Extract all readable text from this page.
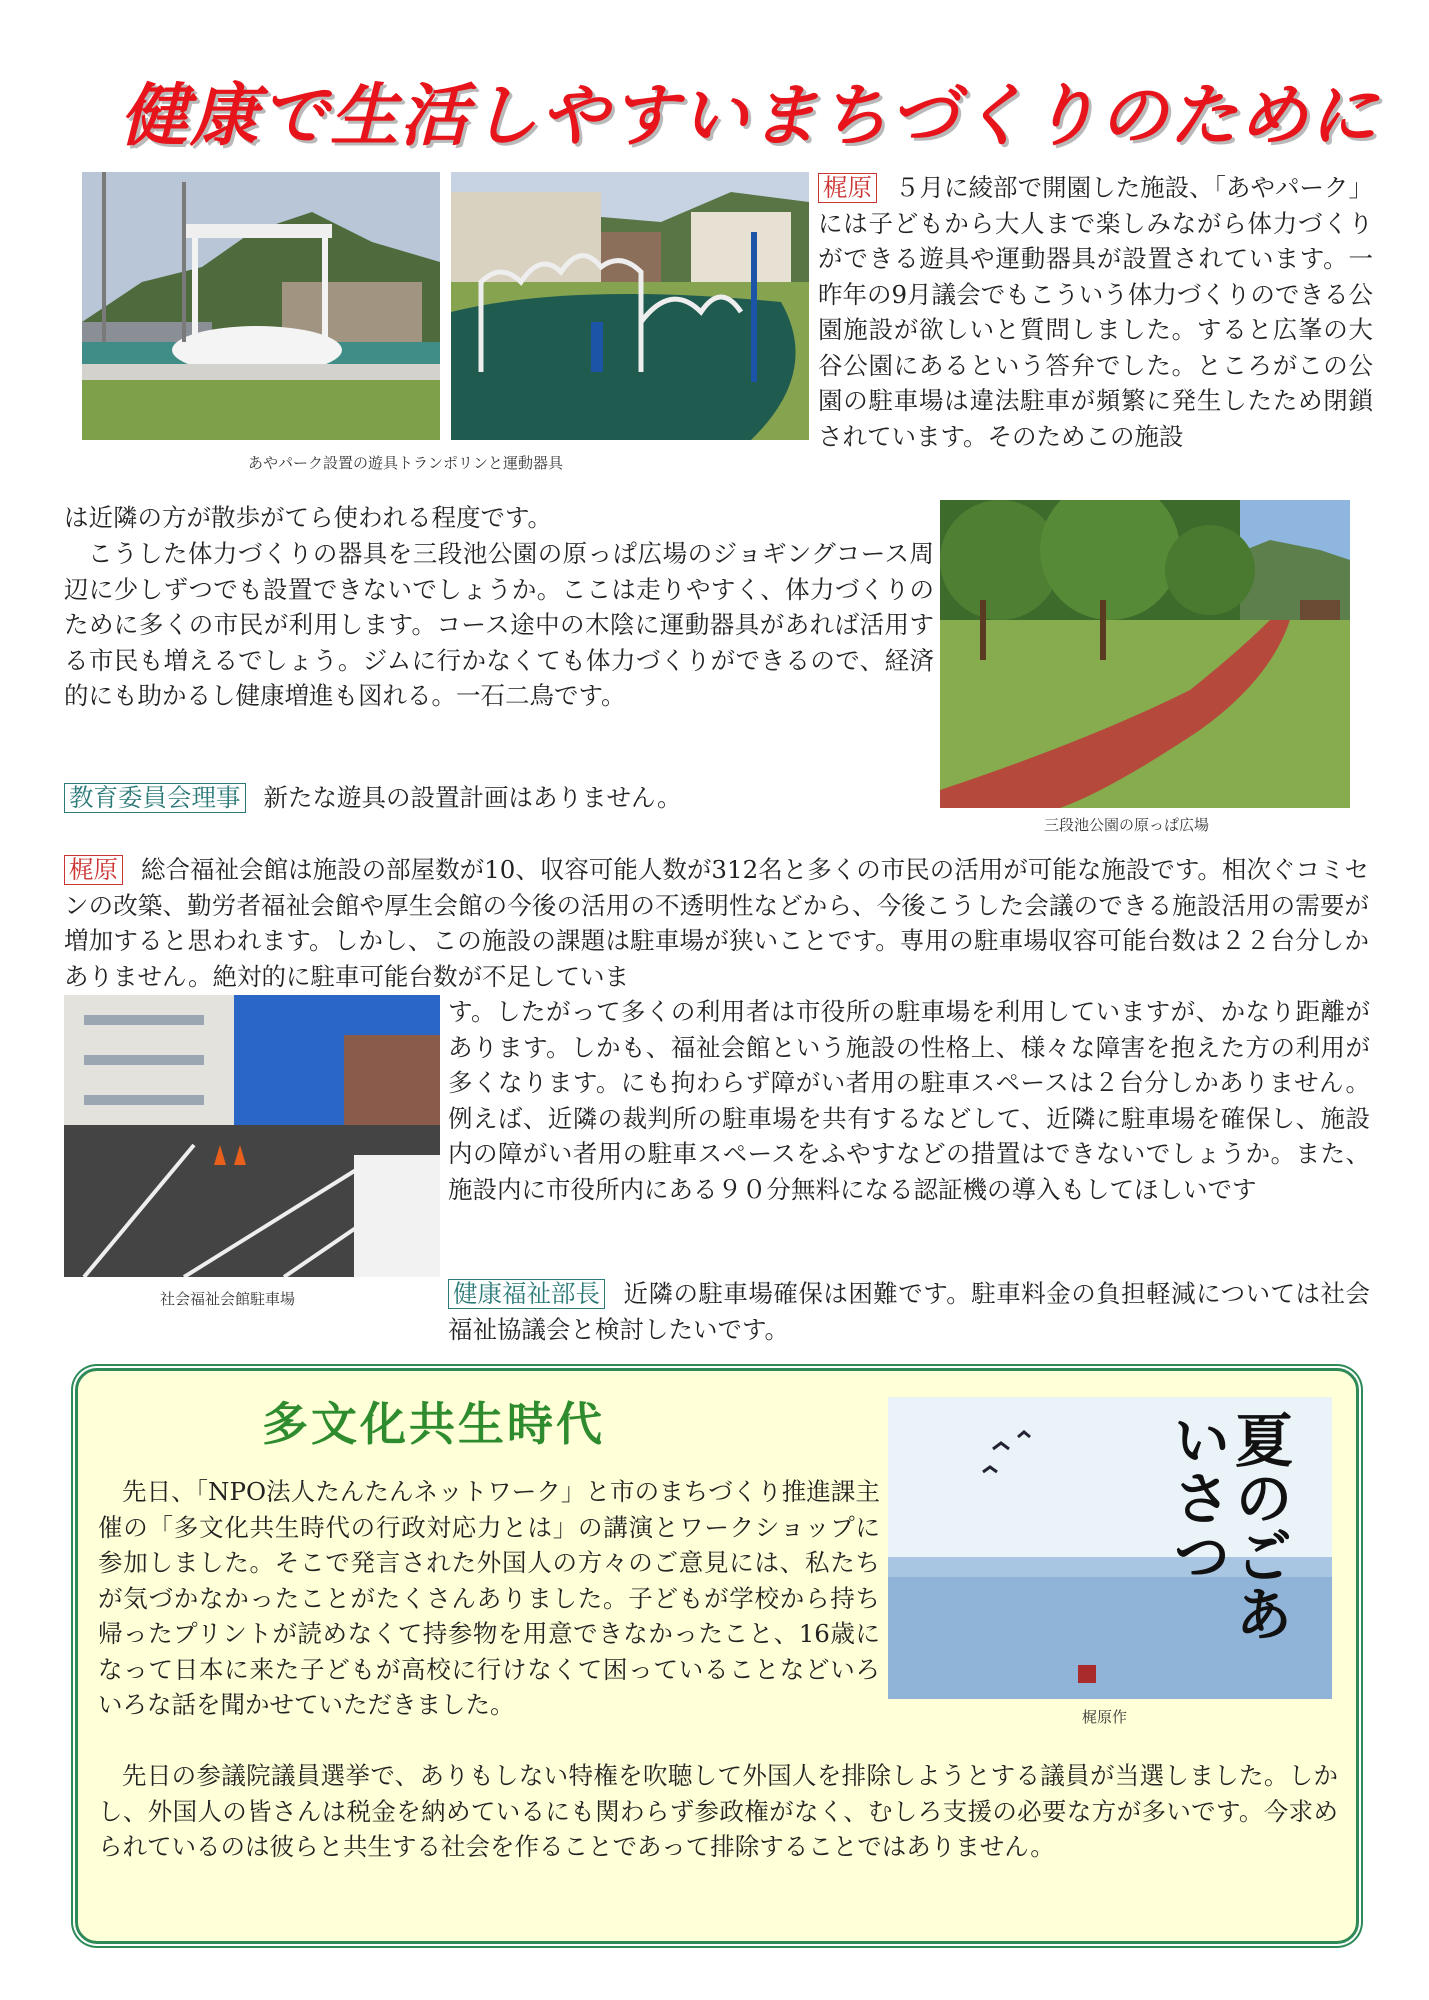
健康で生活しやすいまちづくりのために
あやパーク設置の遊具トランポリンと運動器具
梶原 ５月に綾部で開園した施設、「あやパーク」には子どもから大人まで楽しみながら体力づくりができる遊具や運動器具が設置されています。一昨年の9月議会でもこういう体力づくりのできる公園施設が欲しいと質問しました。すると広峯の大谷公園にあるという答弁でした。ところがこの公園の駐車場は違法駐車が頻繁に発生したため閉鎖されています。そのためこの施設
は近隣の方が散歩がてら使われる程度です。
こうした体力づくりの器具を三段池公園の原っぱ広場のジョギングコース周辺に少しずつでも設置できないでしょうか。ここは走りやすく、体力づくりのために多くの市民が利用します。コース途中の木陰に運動器具があれば活用する市民も増えるでしょう。ジムに行かなくても体力づくりができるので、経済的にも助かるし健康増進も図れる。一石二鳥です。
三段池公園の原っぱ広場
教育委員会理事 新たな遊具の設置計画はありません。
梶原 総合福祉会館は施設の部屋数が10、収容可能人数が312名と多くの市民の活用が可能な施設です。相次ぐコミセンの改築、勤労者福祉会館や厚生会館の今後の活用の不透明性などから、今後こうした会議のできる施設活用の需要が増加すると思われます。しかし、この施設の課題は駐車場が狭いことです。専用の駐車場収容可能台数は２２台分しかありません。絶対的に駐車可能台数が不足していま
社会福祉会館駐車場
す。したがって多くの利用者は市役所の駐車場を利用していますが、かなり距離があります。しかも、福祉会館という施設の性格上、様々な障害を抱えた方の利用が多くなります。にも拘わらず障がい者用の駐車スペースは２台分しかありません。例えば、近隣の裁判所の駐車場を共有するなどして、近隣に駐車場を確保し、施設内の障がい者用の駐車スペースをふやすなどの措置はできないでしょうか。また、施設内に市役所内にある９０分無料になる認証機の導入もしてほしいです
健康福祉部長 近隣の駐車場確保は困難です。駐車料金の負担軽減については社会福祉協議会と検討したいです。
多文化共生時代
先日、「NPO法人たんたんネットワーク」と市のまちづくり推進課主催の「多文化共生時代の行政対応力とは」の講演とワークショップに参加しました。そこで発言された外国人の方々のご意見には、私たちが気づかなかったことがたくさんありました。子どもが学校から持ち帰ったプリントが読めなくて持参物を用意できなかったこと、16歳になって日本に来た子どもが高校に行けなくて困っていることなどいろいろな話を聞かせていただきました。
夏のごあいさつ
梶原作
先日の参議院議員選挙で、ありもしない特権を吹聴して外国人を排除しようとする議員が当選しました。しかし、外国人の皆さんは税金を納めているにも関わらず参政権がなく、むしろ支援の必要な方が多いです。今求められているのは彼らと共生する社会を作ることであって排除することではありません。
